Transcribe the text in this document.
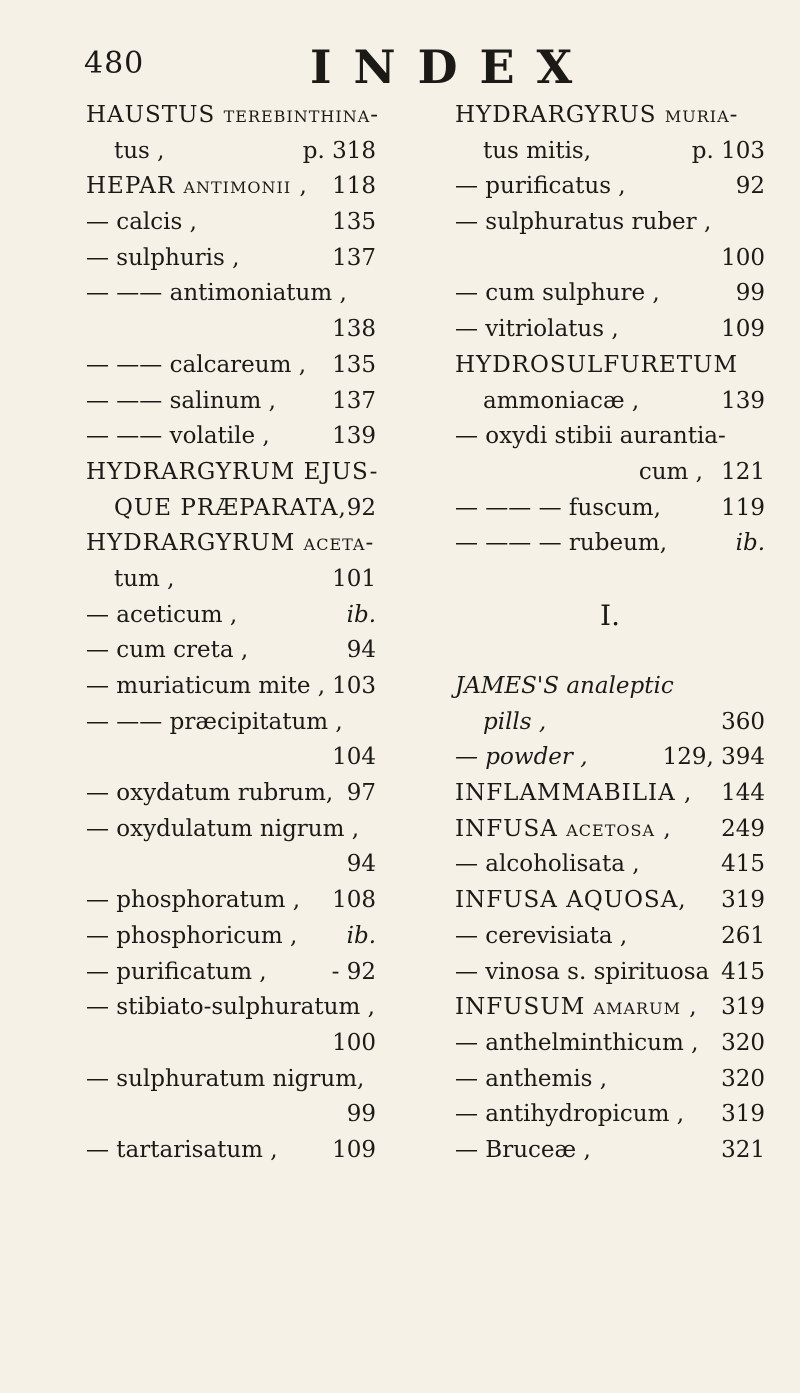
480	INDEX
HAUSTUS terebinthina-
tus ,	p. 318
HEPAR antimonii , 118
— calcis ,	135
— sulphuris ,	137
— —— antimoniatum ,
138
— —— calcareum , 135
— —— salinum , 137
— —— volatile ,	139
HYDRARGYRUM EJUS-
QUE PRÆPARATA, 92
HYDRARGYRUM aceta-
tum ,	101
— aceticum ,	ib.
— cum creta ,	94
— muriaticum mite , 103
— —— præcipitatum ,
104
— oxydatum rubrum, 97
— oxydulatum nigrum ,
94
— phosphoratum , 108
— phosphoricum , ib.
— purificatum ,	- 92
— stibiato-sulphuratum ,
100
— sulphuratum nigrum,
99
— tartarisatum , 109
HYDRARGYRUS muria-
tus mitis,	p. 103
— purificatus ,	92
— sulphuratus ruber ,
100
— cum sulphure ,	99
— vitriolatus ,	109
HYDROSULFURETUM
ammoniacæ ,	139
— oxydi stibii aurantia-
cum , 121
— —— — fuscum,	119
— —— — rubeum,	ib.
I.
JAMES'S analeptic
pills ,	360
— powder ,	129, 394
INFLAMMABILIA , 144
INFUSA acetosa , 249
— alcoholisata ,	415
INFUSA AQUOSA, 319
— cerevisiata ,	261
— vinosa s. spirituosa 415
INFUSUM amarum , 319
— anthelminthicum , 320
— anthemis ,	320
— antihydropicum , 319
— Bruceæ ,	321
